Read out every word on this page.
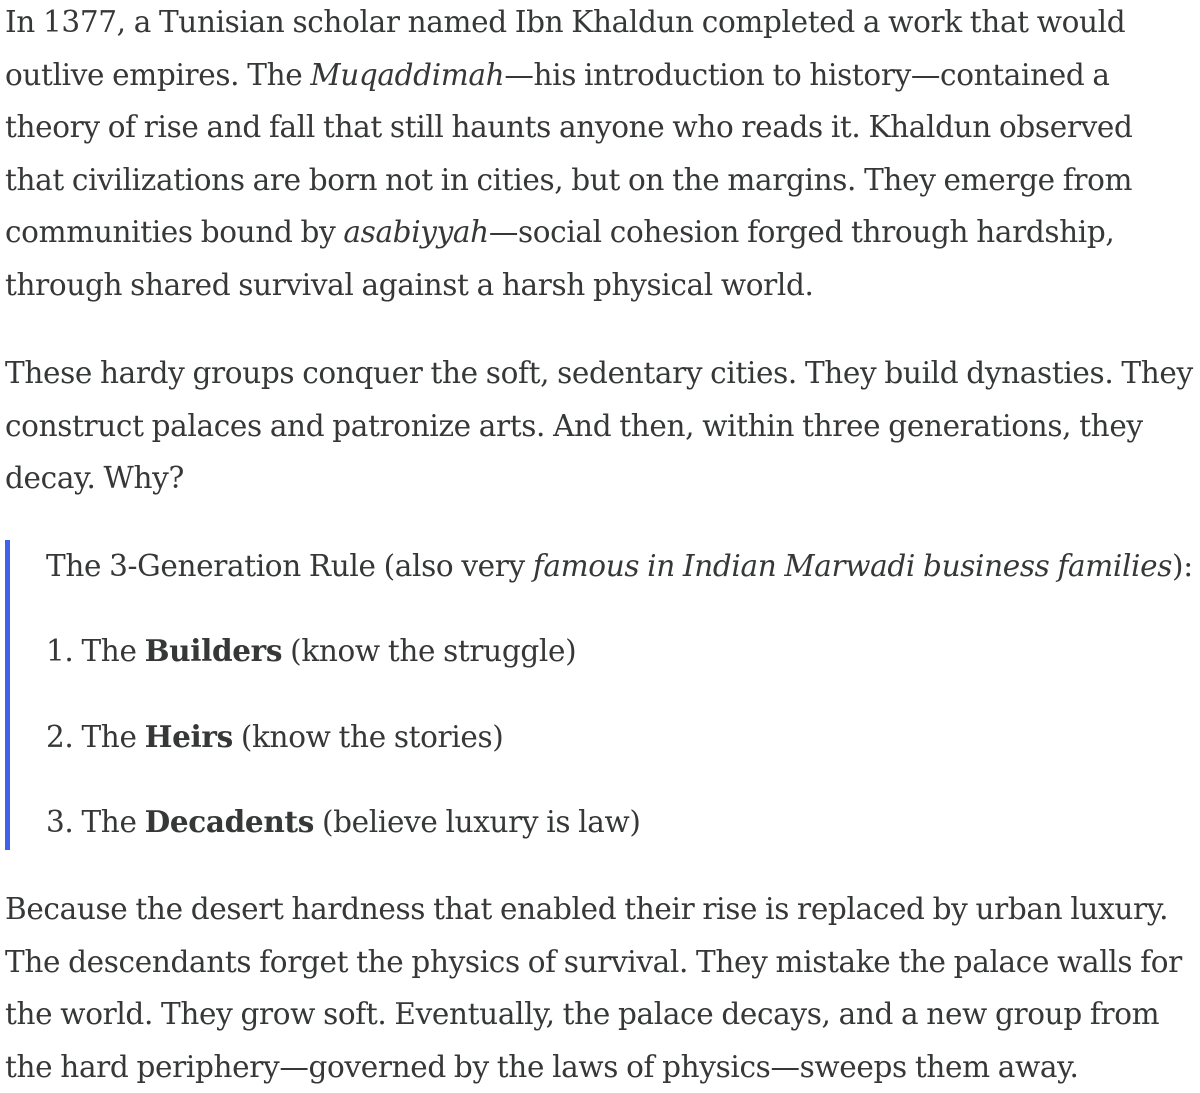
In 1377, a Tunisian scholar named Ibn Khaldun completed a work that would outlive empires. The Muqaddimah—his introduction to history—contained a theory of rise and fall that still haunts anyone who reads it. Khaldun observed that civilizations are born not in cities, but on the margins. They emerge from communities bound by asabiyyah—social cohesion forged through hardship, through shared survival against a harsh physical world.

These hardy groups conquer the soft, sedentary cities. They build dynasties. They construct palaces and patronize arts. And then, within three generations, they decay. Why?

The 3-Generation Rule (also very famous in Indian Marwadi business families):

1. The Builders (know the struggle)

2. The Heirs (know the stories)

3. The Decadents (believe luxury is law)

Because the desert hardness that enabled their rise is replaced by urban luxury. The descendants forget the physics of survival. They mistake the palace walls for the world. They grow soft. Eventually, the palace decays, and a new group from the hard periphery—governed by the laws of physics—sweeps them away.
